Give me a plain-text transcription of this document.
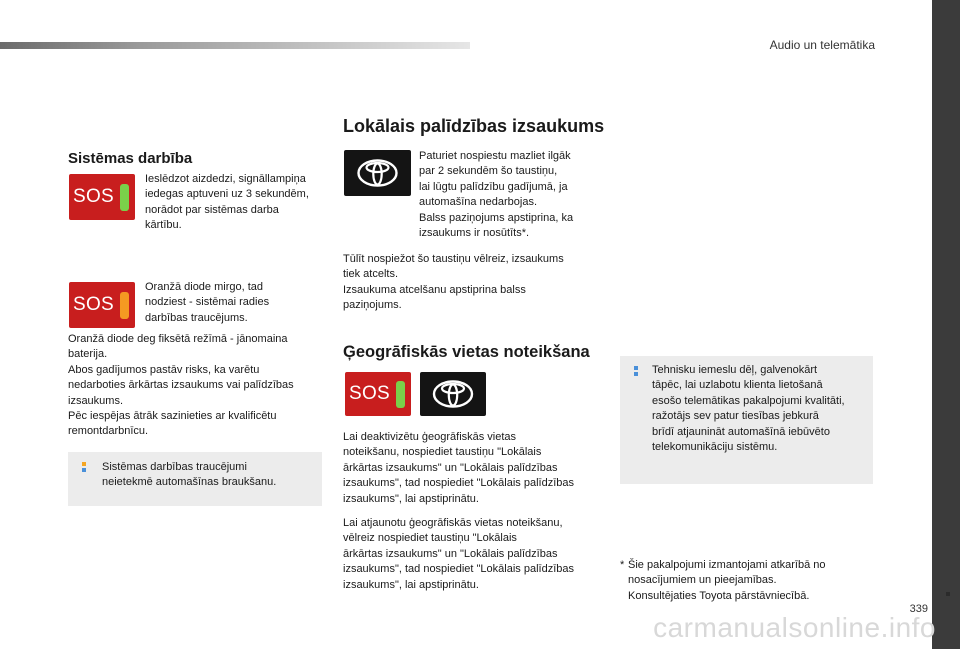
Audio un telemātika
339
Sistēmas darbība
SOS
Ieslēdzot aizdedzi, signāllampiņa
iedegas aptuveni uz 3 sekundēm,
norādot par sistēmas darba
kārtību.
SOS
Oranžā diode mirgo, tad
nodziest - sistēmai radies
darbības traucējums.
Oranžā diode deg fiksētā režīmā - jānomaina
baterija.
Abos gadījumos pastāv risks, ka varētu
nedarboties ārkārtas izsaukums vai palīdzības
izsaukums.
Pēc iespējas ātrāk sazinieties ar kvalificētu
remontdarbnīcu.
Sistēmas darbības traucējumi
neietekmē automašīnas braukšanu.
Lokālais palīdzības izsaukums
Paturiet nospiestu mazliet ilgāk
par 2 sekundēm šo taustiņu,
lai lūgtu palīdzību gadījumā, ja
automašīna nedarbojas.
Balss paziņojums apstiprina, ka
izsaukums ir nosūtīts*.
Tūlīt nospiežot šo taustiņu vēlreiz, izsaukums
tiek atcelts.
Izsaukuma atcelšanu apstiprina balss
paziņojums.
Ģeogrāfiskās vietas noteikšana
SOS
Lai deaktivizētu ģeogrāfiskās vietas
noteikšanu, nospiediet taustiņu "Lokālais
ārkārtas izsaukums" un "Lokālais palīdzības
izsaukums", tad nospiediet "Lokālais palīdzības
izsaukums", lai apstiprinātu.
Lai atjaunotu ģeogrāfiskās vietas noteikšanu,
vēlreiz nospiediet taustiņu "Lokālais
ārkārtas izsaukums" un "Lokālais palīdzības
izsaukums", tad nospiediet "Lokālais palīdzības
izsaukums", lai apstiprinātu.
Tehnisku iemeslu dēļ, galvenokārt
tāpēc, lai uzlabotu klienta lietošanā
esošo telemātikas pakalpojumi kvalitāti,
ražotājs sev patur tiesības jebkurā
brīdī atjaunināt automašīnā iebūvēto
telekomunikāciju sistēmu.
* Šie pakalpojumi izmantojami atkarībā no
nosacījumiem un pieejamības.
Konsultējaties Toyota pārstāvniecībā.
carmanualsonline.info
